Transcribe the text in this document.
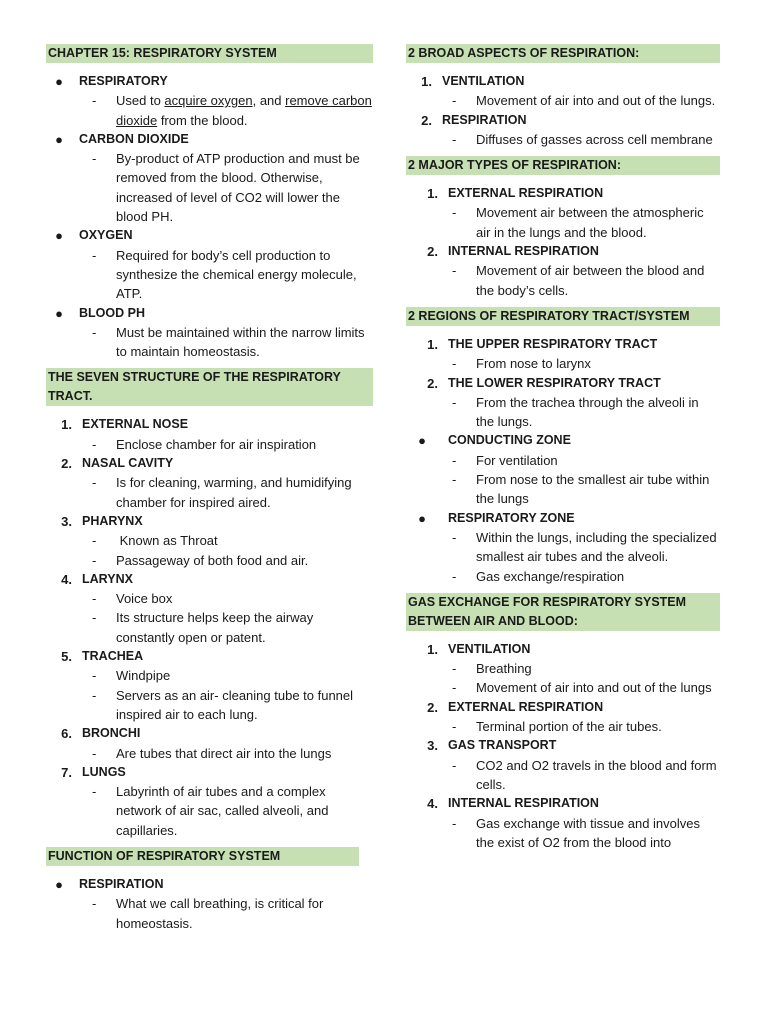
CHAPTER 15: RESPIRATORY SYSTEM
●	RESPIRATORY
-	Used to acquire oxygen, and remove carbon dioxide from the blood.
●	CARBON DIOXIDE
-	By-product of ATP production and must be removed from the blood. Otherwise, increased of level of CO2 will lower the blood PH.
●	OXYGEN
-	Required for body’s cell production to synthesize the chemical energy molecule, ATP.
●	BLOOD PH
-	Must be maintained within the narrow limits to maintain homeostasis.
THE SEVEN STRUCTURE OF THE RESPIRATORY TRACT.
1. EXTERNAL NOSE
-	Enclose chamber for air inspiration
2. NASAL CAVITY
-	Is for cleaning, warming, and humidifying chamber for inspired aired.
3. PHARYNX
-	Known as Throat
-	Passageway of both food and air.
4. LARYNX
-	Voice box
-	Its structure helps keep the airway constantly open or patent.
5. TRACHEA
-	Windpipe
-	Servers as an air- cleaning tube to funnel inspired air to each lung.
6. BRONCHI
-	Are tubes that direct air into the lungs
7. LUNGS
-	Labyrinth of air tubes and a complex network of air sac, called alveoli, and capillaries.
FUNCTION OF RESPIRATORY SYSTEM
●	RESPIRATION
-	What we call breathing, is critical for homeostasis.
2 BROAD ASPECTS OF RESPIRATION:
1. VENTILATION
-	Movement of air into and out of the lungs.
2. RESPIRATION
-	Diffuses of gasses across cell membrane
2 MAJOR TYPES OF RESPIRATION:
1. EXTERNAL RESPIRATION
-	Movement air between the atmospheric air in the lungs and the blood.
2. INTERNAL RESPIRATION
-	Movement of air between the blood and the body’s cells.
2 REGIONS OF RESPIRATORY TRACT/SYSTEM
1. THE UPPER RESPIRATORY TRACT
-	From nose to larynx
2. THE LOWER RESPIRATORY TRACT
-	From the trachea through the alveoli in the lungs.
●	CONDUCTING ZONE
-	For ventilation
-	From nose to the smallest air tube within the lungs
●	RESPIRATORY ZONE
-	Within the lungs, including the specialized smallest air tubes and the alveoli.
-	Gas exchange/respiration
GAS EXCHANGE FOR RESPIRATORY SYSTEM BETWEEN AIR AND BLOOD:
1. VENTILATION
-	Breathing
-	Movement of air into and out of the lungs
2. EXTERNAL RESPIRATION
-	Terminal portion of the air tubes.
3. GAS TRANSPORT
-	CO2 and O2 travels in the blood and form cells.
4. INTERNAL RESPIRATION
-	Gas exchange with tissue and involves the exist of O2 from the blood into
